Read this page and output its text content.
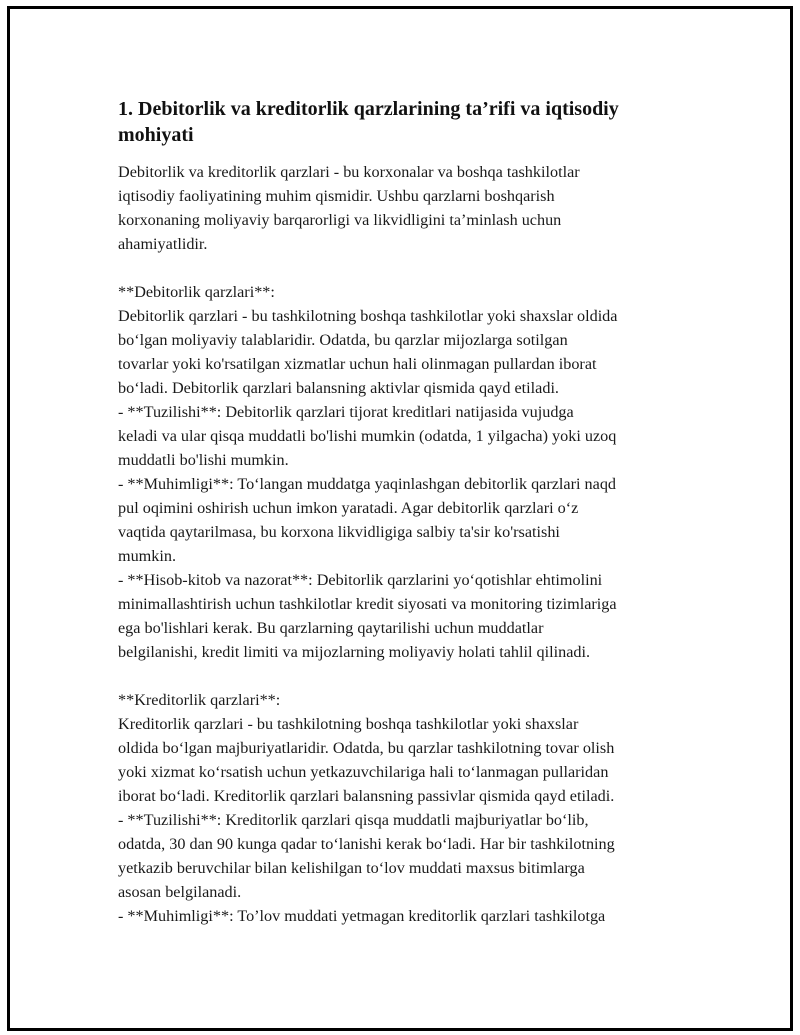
1. Debitorlik va kreditorlik qarzlarining ta’rifi va iqtisodiy
mohiyati

Debitorlik va kreditorlik qarzlari - bu korxonalar va boshqa tashkilotlar
iqtisodiy faoliyatining muhim qismidir. Ushbu qarzlarni boshqarish
korxonaning moliyaviy barqarorligi va likvidligini ta’minlash uchun
ahamiyatlidir.

**Debitorlik qarzlari**:
Debitorlik qarzlari - bu tashkilotning boshqa tashkilotlar yoki shaxslar oldida
bo‘lgan moliyaviy talablaridir. Odatda, bu qarzlar mijozlarga sotilgan
tovarlar yoki ko'rsatilgan xizmatlar uchun hali olinmagan pullardan iborat
bo‘ladi. Debitorlik qarzlari balansning aktivlar qismida qayd etiladi.
- **Tuzilishi**: Debitorlik qarzlari tijorat kreditlari natijasida vujudga
keladi va ular qisqa muddatli bo'lishi mumkin (odatda, 1 yilgacha) yoki uzoq
muddatli bo'lishi mumkin.
- **Muhimligi**: To‘langan muddatga yaqinlashgan debitorlik qarzlari naqd
pul oqimini oshirish uchun imkon yaratadi. Agar debitorlik qarzlari o‘z
vaqtida qaytarilmasa, bu korxona likvidligiga salbiy ta'sir ko'rsatishi
mumkin.
- **Hisob-kitob va nazorat**: Debitorlik qarzlarini yo‘qotishlar ehtimolini
minimallashtirish uchun tashkilotlar kredit siyosati va monitoring tizimlariga
ega bo'lishlari kerak. Bu qarzlarning qaytarilishi uchun muddatlar
belgilanishi, kredit limiti va mijozlarning moliyaviy holati tahlil qilinadi.

**Kreditorlik qarzlari**:
Kreditorlik qarzlari - bu tashkilotning boshqa tashkilotlar yoki shaxslar
oldida bo‘lgan majburiyatlaridir. Odatda, bu qarzlar tashkilotning tovar olish
yoki xizmat ko‘rsatish uchun yetkazuvchilariga hali to‘lanmagan pullaridan
iborat bo‘ladi. Kreditorlik qarzlari balansning passivlar qismida qayd etiladi.
- **Tuzilishi**: Kreditorlik qarzlari qisqa muddatli majburiyatlar bo‘lib,
odatda, 30 dan 90 kunga qadar to‘lanishi kerak bo‘ladi. Har bir tashkilotning
yetkazib beruvchilar bilan kelishilgan to‘lov muddati maxsus bitimlarga
asosan belgilanadi.
- **Muhimligi**: To’lov muddati yetmagan kreditorlik qarzlari tashkilotga
